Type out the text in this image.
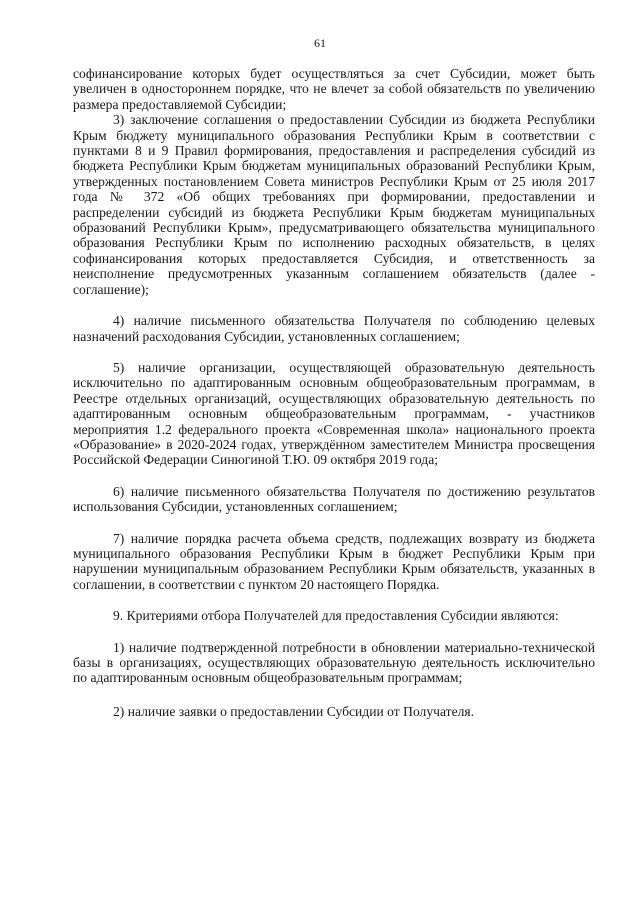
61

софинансирование которых будет осуществляться за счет Субсидии, может быть увеличен в одностороннем порядке, что не влечет за собой обязательств по увеличению размера предоставляемой Субсидии;

3) заключение соглашения о предоставлении Субсидии из бюджета Республики Крым бюджету муниципального образования Республики Крым в соответствии с пунктами 8 и 9 Правил формирования, предоставления и распределения субсидий из бюджета Республики Крым бюджетам муниципальных образований Республики Крым, утвержденных постановлением Совета министров Республики Крым от 25 июля 2017 года № 372 «Об общих требованиях при формировании, предоставлении и распределении субсидий из бюджета Республики Крым бюджетам муниципальных образований Республики Крым», предусматривающего обязательства муниципального образования Республики Крым по исполнению расходных обязательств, в целях софинансирования которых предоставляется Субсидия, и ответственность за неисполнение предусмотренных указанным соглашением обязательств (далее - соглашение);

4) наличие письменного обязательства Получателя по соблюдению целевых назначений расходования Субсидии, установленных соглашением;

5) наличие организации, осуществляющей образовательную деятельность исключительно по адаптированным основным общеобразовательным программам, в Реестре отдельных организаций, осуществляющих образовательную деятельность по адаптированным основным общеобразовательным программам, - участников мероприятия 1.2 федерального проекта «Современная школа» национального проекта «Образование» в 2020-2024 годах, утверждённом заместителем Министра просвещения Российской Федерации Синюгиной Т.Ю. 09 октября 2019 года;

6) наличие письменного обязательства Получателя по достижению результатов использования Субсидии, установленных соглашением;

7) наличие порядка расчета объема средств, подлежащих возврату из бюджета муниципального образования Республики Крым в бюджет Республики Крым при нарушении муниципальным образованием Республики Крым обязательств, указанных в соглашении, в соответствии с пунктом 20 настоящего Порядка.

9. Критериями отбора Получателей для предоставления Субсидии являются:

1) наличие подтвержденной потребности в обновлении материально-технической базы в организациях, осуществляющих образовательную деятельность исключительно по адаптированным основным общеобразовательным программам;

2) наличие заявки о предоставлении Субсидии от Получателя.
